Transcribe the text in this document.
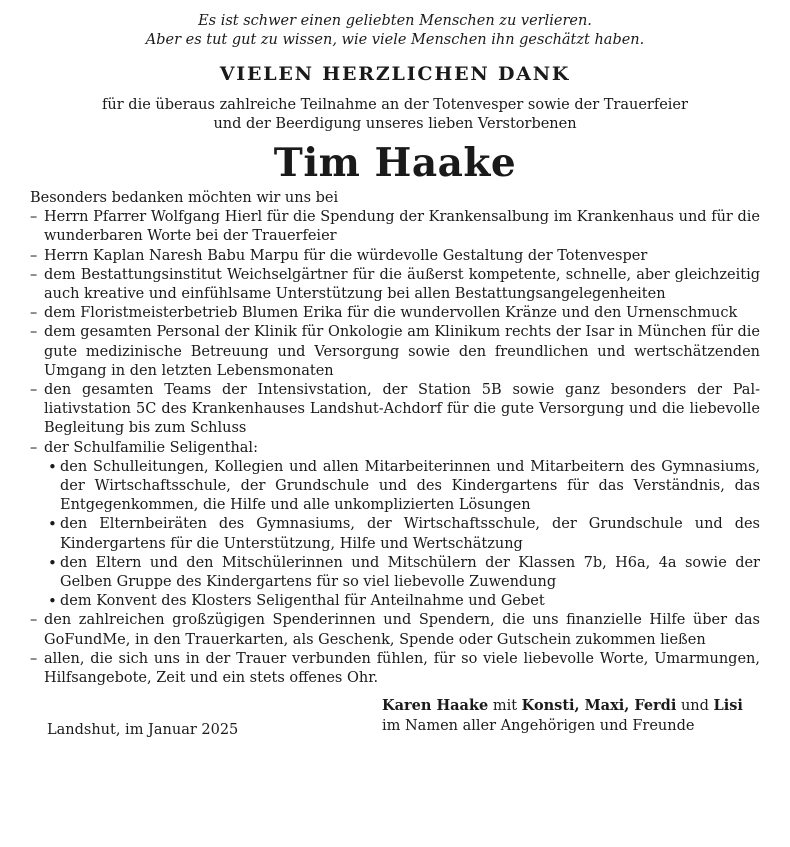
Es ist schwer einen geliebten Menschen zu verlieren.
Aber es tut gut zu wissen, wie viele Menschen ihn geschätzt haben.
VIELEN HERZLICHEN DANK
für die überaus zahlreiche Teilnahme an der Totenvesper sowie der Trauerfeier
und der Beerdigung unseres lieben Verstorbenen
Tim Haake

Besonders bedanken möchten wir uns bei

– Herrn Pfarrer Wolfgang Hierl für die Spendung der Krankensalbung im Krankenhaus und für die wunderbaren Worte bei der Trauerfeier

– Herrn Kaplan Naresh Babu Marpu für die würdevolle Gestaltung der Totenvesper

– dem Bestattungsinstitut Weichselgärtner für die äußerst kompetente, schnelle, aber gleichzeitig auch kreative und einfühlsame Unterstützung bei allen Bestattungsangelegenheiten

– dem Floristmeisterbetrieb Blumen Erika für die wundervollen Kränze und den Urnenschmuck

– dem gesamten Personal der Klinik für Onkologie am Klinikum rechts der Isar in München für die gute medizinische Betreuung und Versorgung sowie den freundlichen und wertschätzenden Umgang in den letzten Lebensmonaten

– den gesamten Teams der Intensivstation, der Station 5B sowie ganz besonders der Palliativstation 5C des Krankenhauses Landshut-Achdorf für die gute Versorgung und die liebevolle Begleitung bis zum Schluss

– der Schulfamilie Seligenthal:

• den Schulleitungen, Kollegien und allen Mitarbeiterinnen und Mitarbeitern des Gymnasiums, der Wirtschaftsschule, der Grundschule und des Kindergartens für das Verständnis, das Entgegenkommen, die Hilfe und alle unkomplizierten Lösungen
• den Elternbeiräten des Gymnasiums, der Wirtschaftsschule, der Grundschule und des Kindergartens für die Unterstützung, Hilfe und Wertschätzung
• den Eltern und den Mitschülerinnen und Mitschülern der Klassen 7b, H6a, 4a sowie der Gelben Gruppe des Kindergartens für so viel liebevolle Zuwendung
• dem Konvent des Klosters Seligenthal für Anteilnahme und Gebet

– den zahlreichen großzügigen Spenderinnen und Spendern, die uns finanzielle Hilfe über das GoFundMe, in den Trauerkarten, als Geschenk, Spende oder Gutschein zukommen ließen

– allen, die sich uns in der Trauer verbunden fühlen, für so viele liebevolle Worte, Umarmungen, Hilfsangebote, Zeit und ein stets offenes Ohr.

Landshut, im Januar 2025
Karen Haake mit Konsti, Maxi, Ferdi und Lisi
im Namen aller Angehörigen und Freunde
